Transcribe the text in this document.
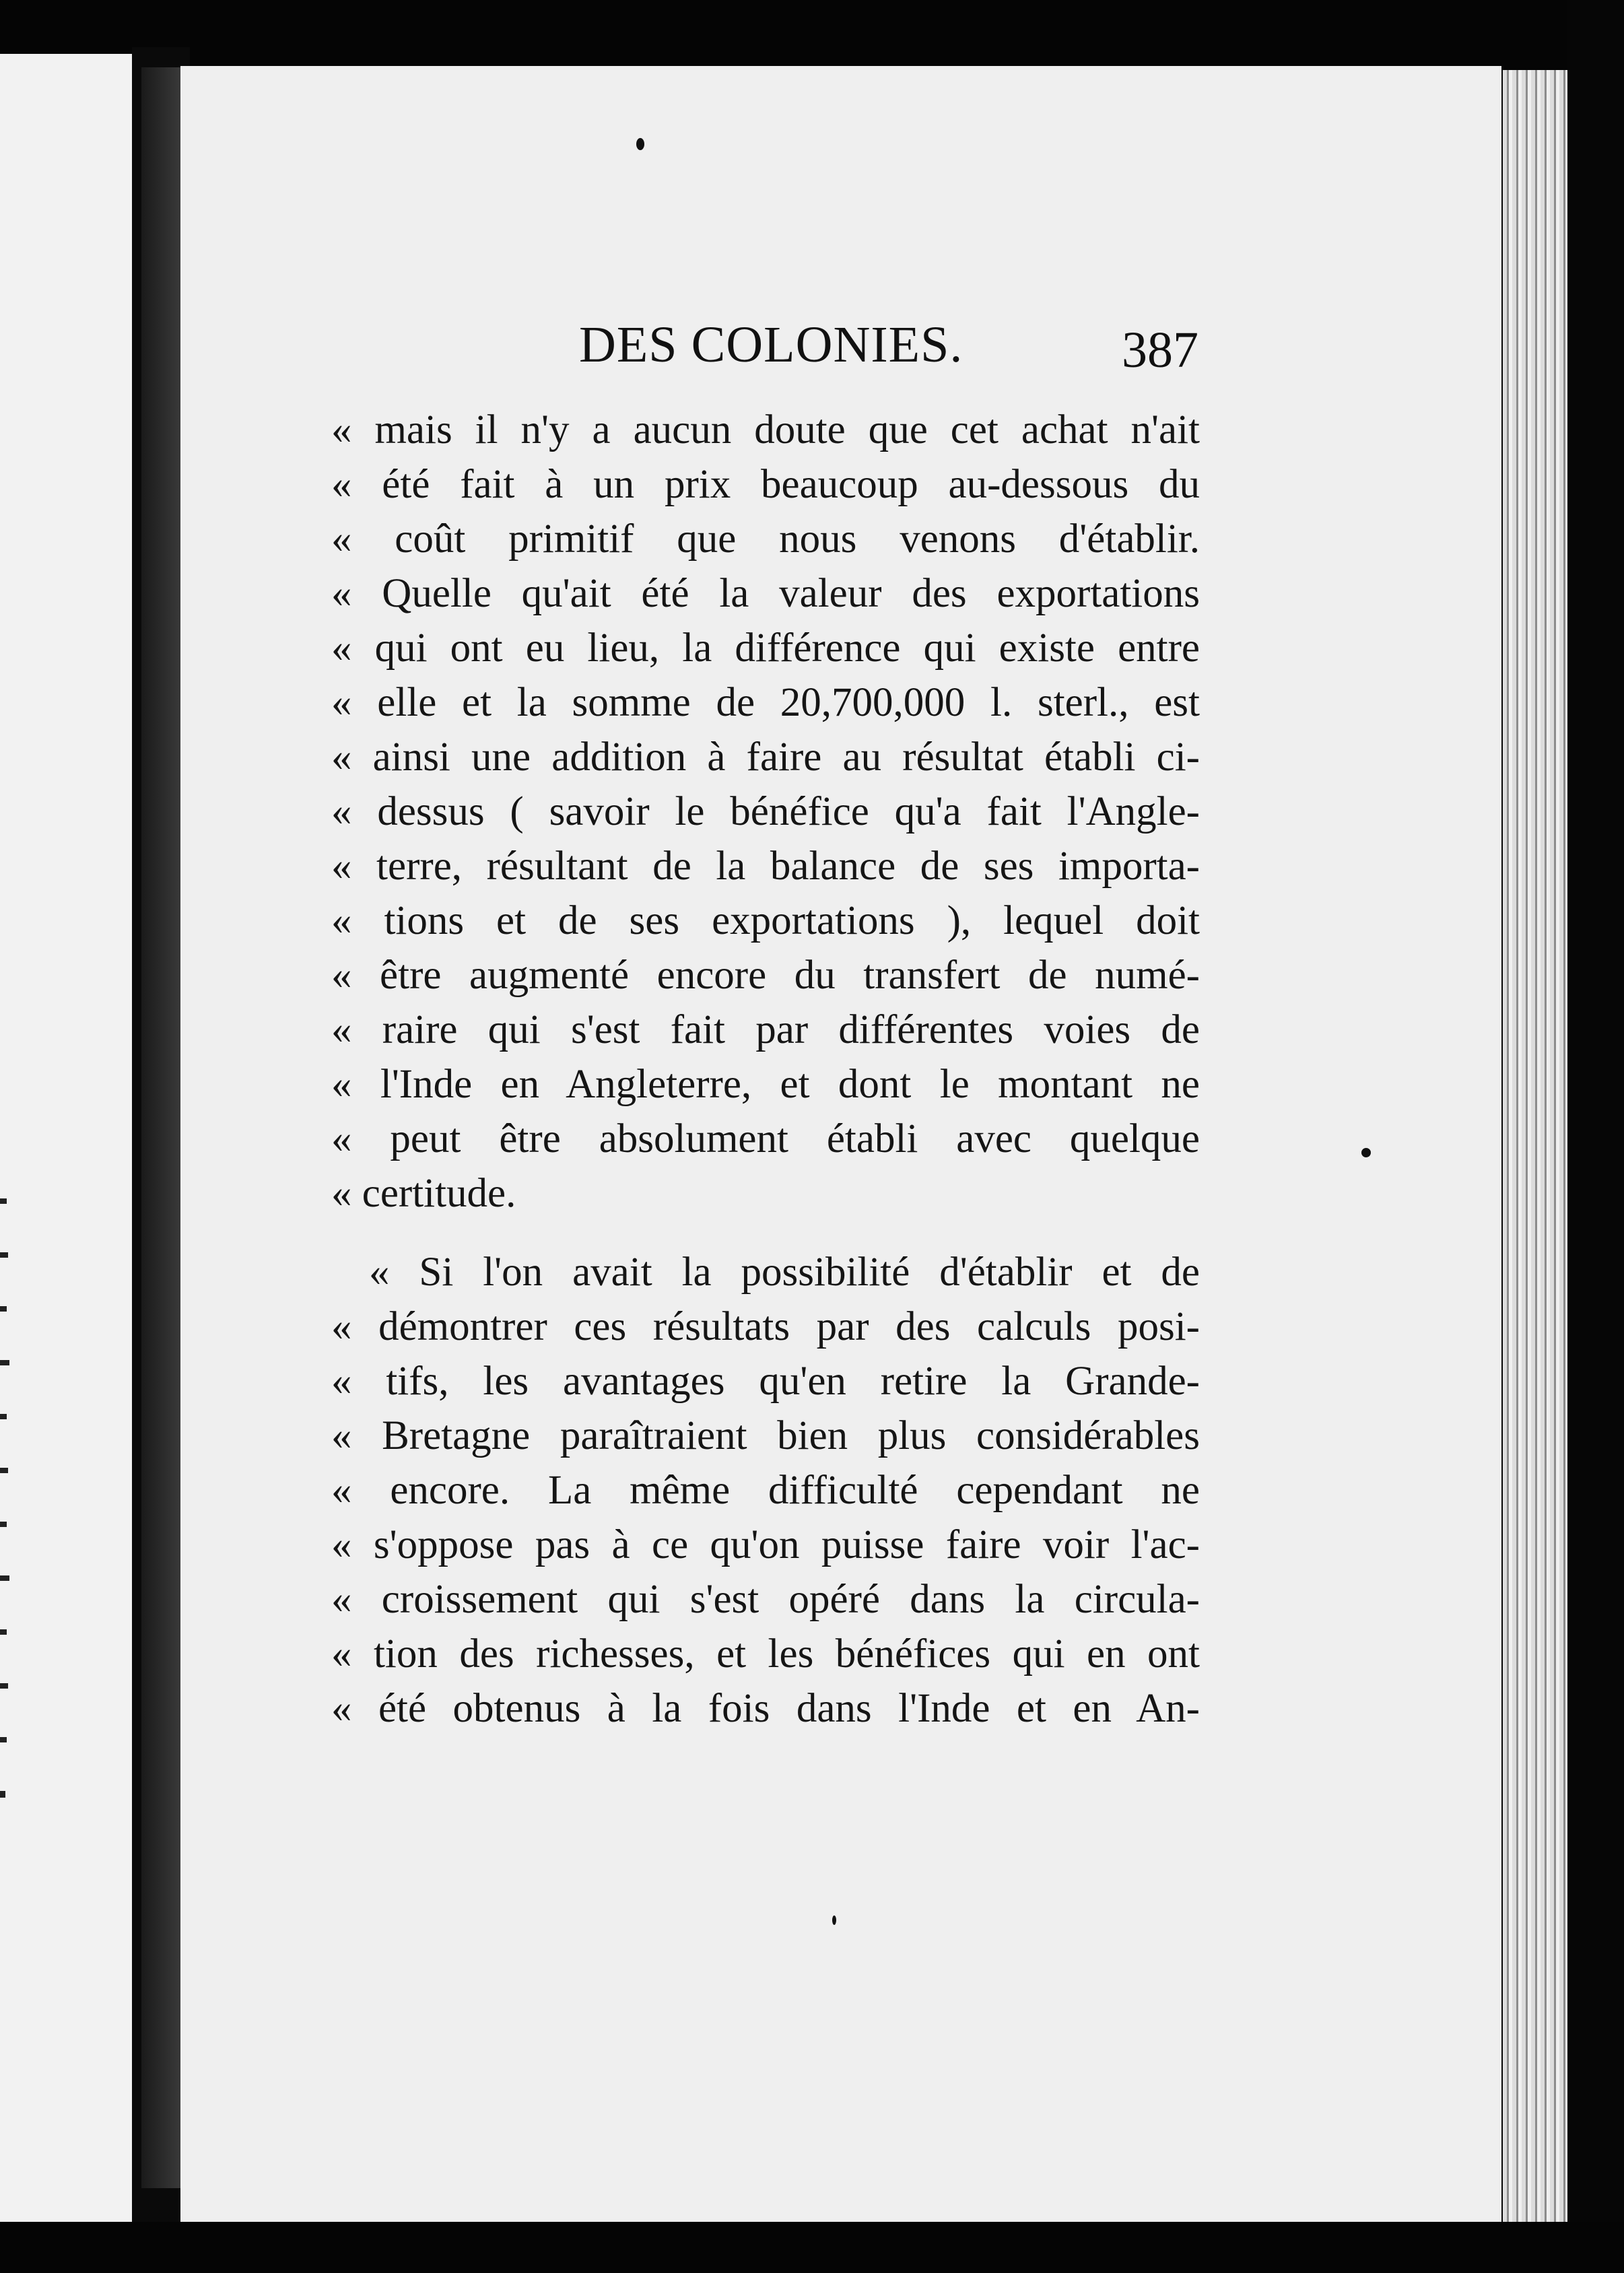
DES COLONIES.	387
« mais il n'y a aucun doute que cet achat n'ait
« été fait à un prix beaucoup au-dessous du
« coût primitif que nous venons d'établir.
« Quelle qu'ait été la valeur des exportations
« qui ont eu lieu, la différence qui existe entre
« elle et la somme de 20,700,000 l. sterl., est
« ainsi une addition à faire au résultat établi ci-
« dessus ( savoir le bénéfice qu'a fait l'Angle-
« terre, résultant de la balance de ses importa-
« tions et de ses exportations ), lequel doit
« être augmenté encore du transfert de numé-
« raire qui s'est fait par différentes voies de
« l'Inde en Angleterre, et dont le montant ne
« peut être absolument établi avec quelque
« certitude.
« Si l'on avait la possibilité d'établir et de
« démontrer ces résultats par des calculs posi-
« tifs, les avantages qu'en retire la Grande-
« Bretagne paraîtraient bien plus considérables
« encore. La même difficulté cependant ne
« s'oppose pas à ce qu'on puisse faire voir l'ac-
« croissement qui s'est opéré dans la circula-
« tion des richesses, et les bénéfices qui en ont
« été obtenus à la fois dans l'Inde et en An-
